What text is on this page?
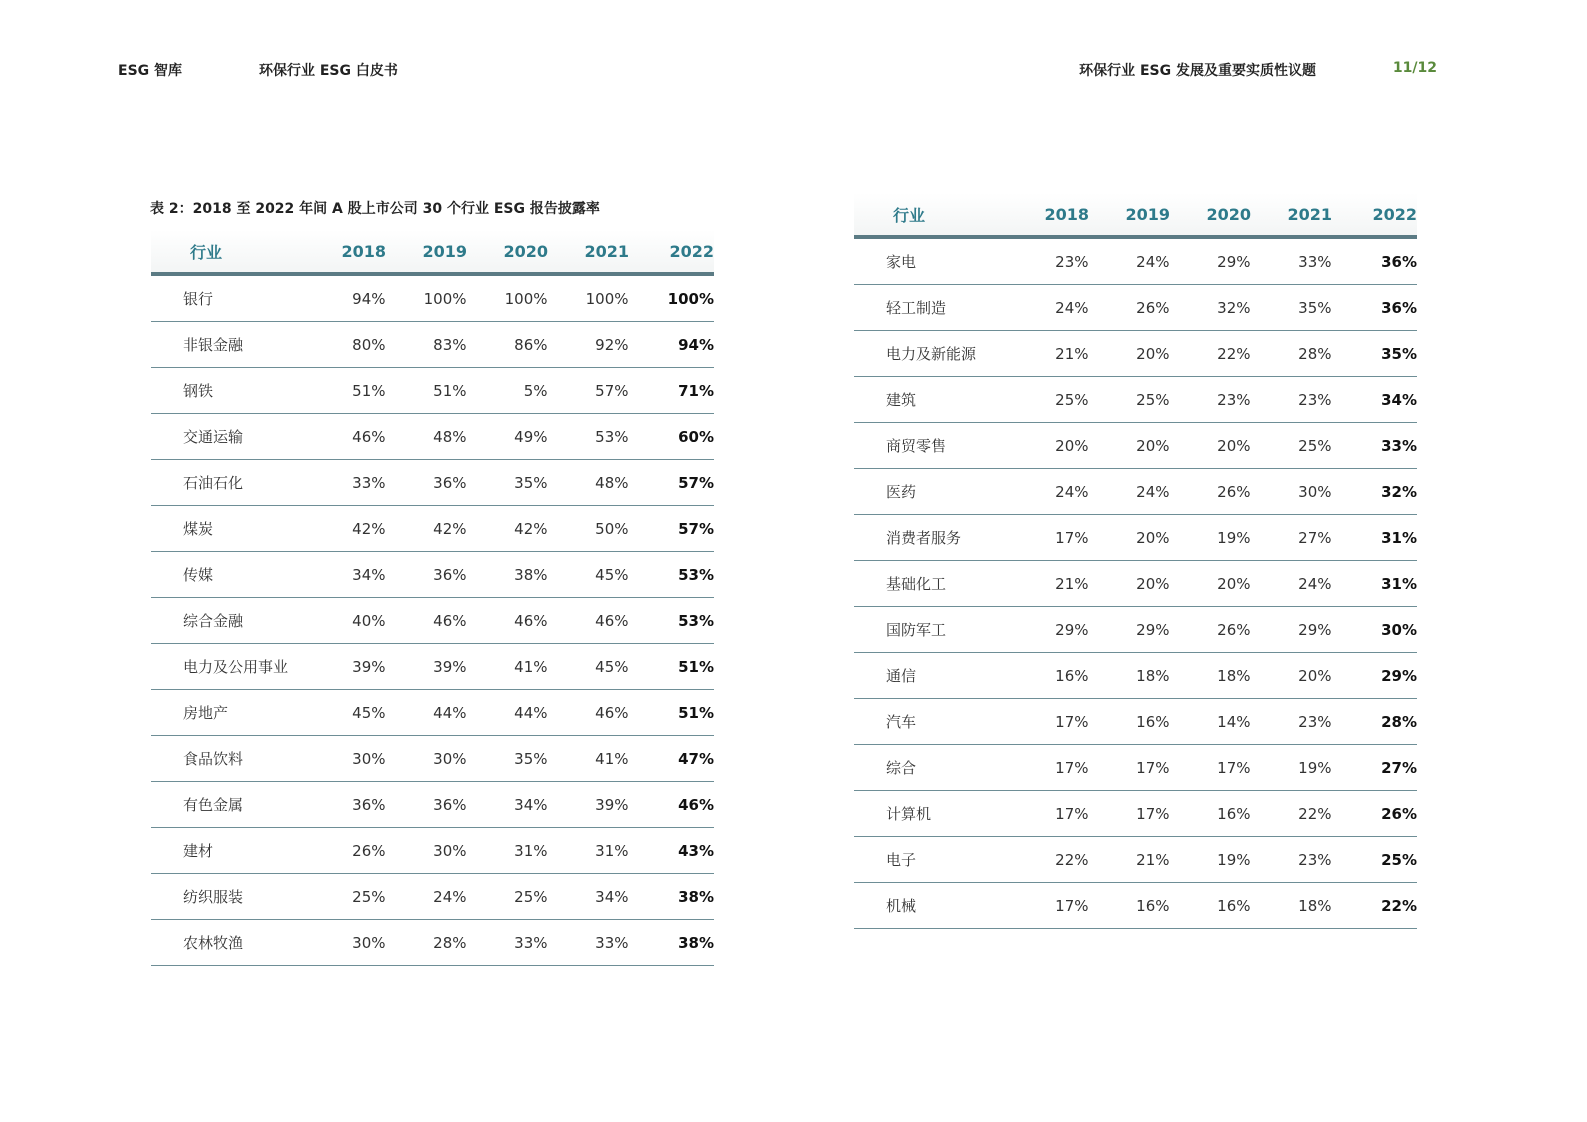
ESG 智库	环保行业 ESG 白皮书	环保行业 ESG 发展及重要实质性议题	11/12
表 2：2018 至 2022 年间 A 股上市公司 30 个行业 ESG 报告披露率
行业	2018	2019	2020	2021	2022
银行	94%	100%	100%	100%	100%
非银金融	80%	83%	86%	92%	94%
钢铁	51%	51%	5%	57%	71%
交通运输	46%	48%	49%	53%	60%
石油石化	33%	36%	35%	48%	57%
煤炭	42%	42%	42%	50%	57%
传媒	34%	36%	38%	45%	53%
综合金融	40%	46%	46%	46%	53%
电力及公用事业	39%	39%	41%	45%	51%
房地产	45%	44%	44%	46%	51%
食品饮料	30%	30%	35%	41%	47%
有色金属	36%	36%	34%	39%	46%
建材	26%	30%	31%	31%	43%
纺织服装	25%	24%	25%	34%	38%
农林牧渔	30%	28%	33%	33%	38%
行业	2018	2019	2020	2021	2022
家电	23%	24%	29%	33%	36%
轻工制造	24%	26%	32%	35%	36%
电力及新能源	21%	20%	22%	28%	35%
建筑	25%	25%	23%	23%	34%
商贸零售	20%	20%	20%	25%	33%
医药	24%	24%	26%	30%	32%
消费者服务	17%	20%	19%	27%	31%
基础化工	21%	20%	20%	24%	31%
国防军工	29%	29%	26%	29%	30%
通信	16%	18%	18%	20%	29%
汽车	17%	16%	14%	23%	28%
综合	17%	17%	17%	19%	27%
计算机	17%	17%	16%	22%	26%
电子	22%	21%	19%	23%	25%
机械	17%	16%	16%	18%	22%
